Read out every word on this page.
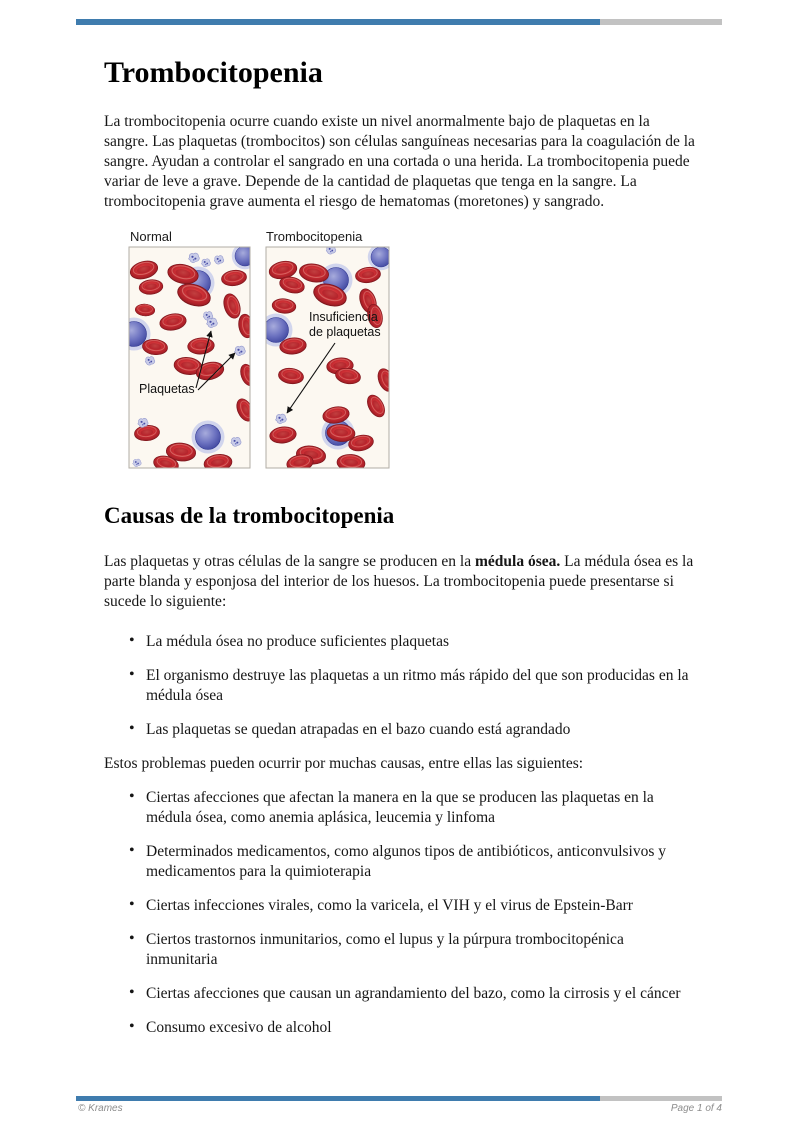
Trombocitopenia

La trombocitopenia ocurre cuando existe un nivel anormalmente bajo de plaquetas en la sangre. Las plaquetas (trombocitos) son células sanguíneas necesarias para la coagulación de la sangre. Ayudan a controlar el sangrado en una cortada o una herida. La trombocitopenia puede variar de leve a grave. Depende de la cantidad de plaquetas que tenga en la sangre. La trombocitopenia grave aumenta el riesgo de hematomas (moretones) y sangrado.

Normal	Trombocitopenia
Plaquetas
Insuficiencia
de plaquetas
Causas de la trombocitopenia

Las plaquetas y otras células de la sangre se producen en la médula ósea. La médula ósea es la parte blanda y esponjosa del interior de los huesos. La trombocitopenia puede presentarse si sucede lo siguiente:

• La médula ósea no produce suficientes plaquetas
• El organismo destruye las plaquetas a un ritmo más rápido del que son producidas en la médula ósea
• Las plaquetas se quedan atrapadas en el bazo cuando está agrandado

Estos problemas pueden ocurrir por muchas causas, entre ellas las siguientes:

• Ciertas afecciones que afectan la manera en la que se producen las plaquetas en la médula ósea, como anemia aplásica, leucemia y linfoma
• Determinados medicamentos, como algunos tipos de antibióticos, anticonvulsivos y medicamentos para la quimioterapia
• Ciertas infecciones virales, como la varicela, el VIH y el virus de Epstein-Barr
• Ciertos trastornos inmunitarios, como el lupus y la púrpura trombocitopénica inmunitaria
• Ciertas afecciones que causan un agrandamiento del bazo, como la cirrosis y el cáncer
• Consumo excesivo de alcohol
© Krames	Page 1 of 4
